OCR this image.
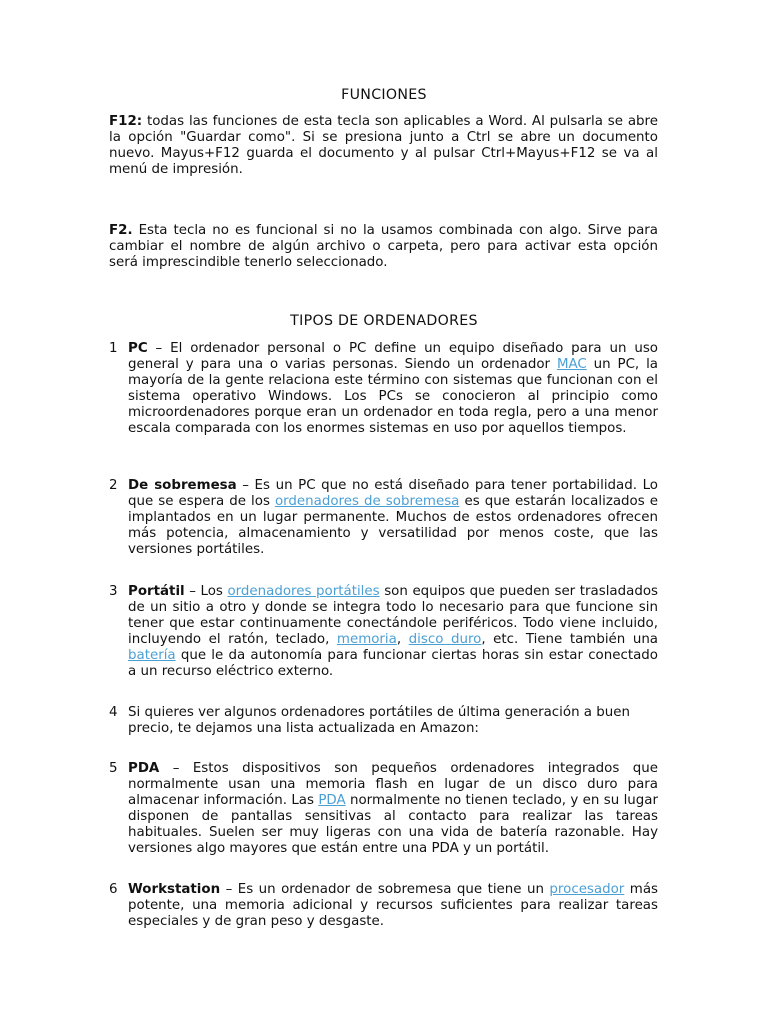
FUNCIONES

F12: todas las funciones de esta tecla son aplicables a Word. Al pulsarla se abre la opción "Guardar como". Si se presiona junto a Ctrl se abre un documento nuevo. Mayus+F12 guarda el documento y al pulsar Ctrl+Mayus+F12 se va al menú de impresión.

F2. Esta tecla no es funcional si no la usamos combinada con algo. Sirve para cambiar el nombre de algún archivo o carpeta, pero para activar esta opción será imprescindible tenerlo seleccionado.

TIPOS DE ORDENADORES
1 PC – El ordenador personal o PC define un equipo diseñado para un uso general y para una o varias personas. Siendo un ordenador MAC un PC, la mayoría de la gente relaciona este término con sistemas que funcionan con el sistema operativo Windows. Los PCs se conocieron al principio como microordenadores porque eran un ordenador en toda regla, pero a una menor escala comparada con los enormes sistemas en uso por aquellos tiempos.
2 De sobremesa – Es un PC que no está diseñado para tener portabilidad. Lo que se espera de los ordenadores de sobremesa es que estarán localizados e implantados en un lugar permanente. Muchos de estos ordenadores ofrecen más potencia, almacenamiento y versatilidad por menos coste, que las versiones portátiles.
3 Portátil – Los ordenadores portátiles son equipos que pueden ser trasladados de un sitio a otro y donde se integra todo lo necesario para que funcione sin tener que estar continuamente conectándole periféricos. Todo viene incluido, incluyendo el ratón, teclado, memoria, disco duro, etc. Tiene también una batería que le da autonomía para funcionar ciertas horas sin estar conectado a un recurso eléctrico externo.
4 Si quieres ver algunos ordenadores portátiles de última generación a buen precio, te dejamos una lista actualizada en Amazon:
5 PDA – Estos dispositivos son pequeños ordenadores integrados que normalmente usan una memoria flash en lugar de un disco duro para almacenar información. Las PDA normalmente no tienen teclado, y en su lugar disponen de pantallas sensitivas al contacto para realizar las tareas habituales. Suelen ser muy ligeras con una vida de batería razonable. Hay versiones algo mayores que están entre una PDA y un portátil.
6 Workstation – Es un ordenador de sobremesa que tiene un procesador más potente, una memoria adicional y recursos suficientes para realizar tareas especiales y de gran peso y desgaste.
